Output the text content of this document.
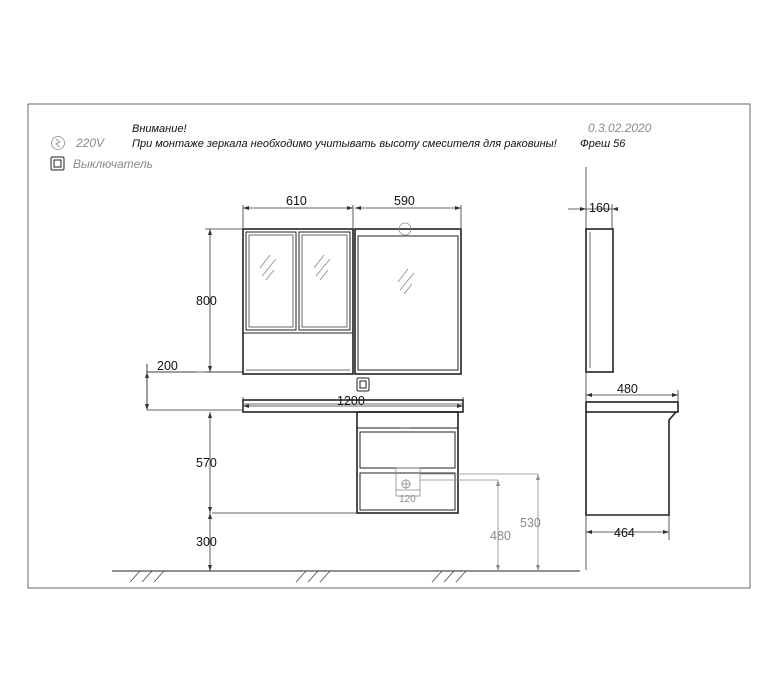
Внимание!
При монтаже зеркала необходимо учитывать высоту смесителя для раковины! Фреш 56
0.3.02.2020
220V
Выключатель
610	590
800
200
1200
570
300	480
530
120
160
480
464
